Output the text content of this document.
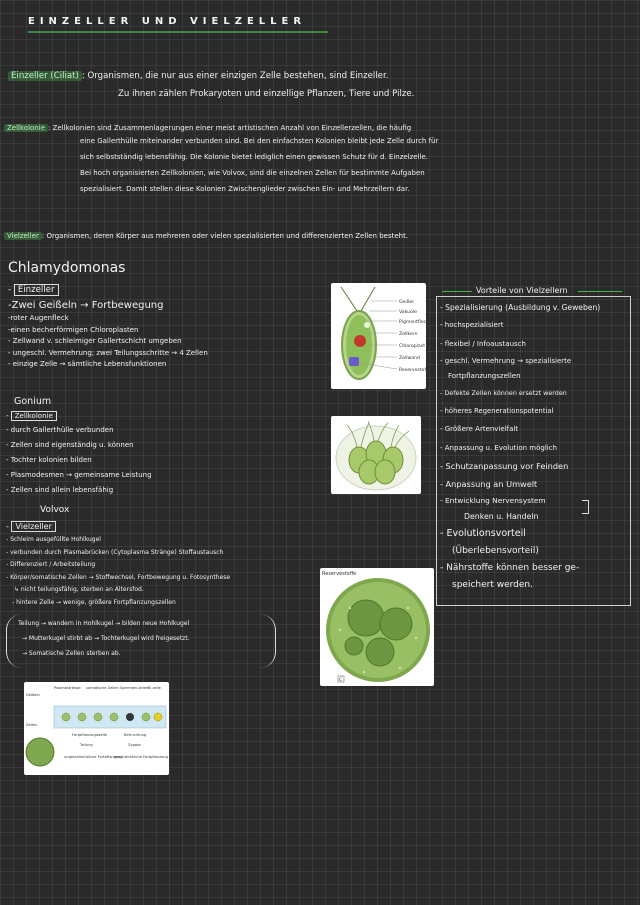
EINZELLER UND VIELZELLER
Einzeller (Ciliat) : Organismen, die nur aus einer einzigen Zelle bestehen, sind Einzeller.
Zu ihnen zählen Prokaryoten und einzellige Pflanzen, Tiere und Pilze.
Zellkolonie : Zellkolonien sind Zusammenlagerungen einer meist artistischen Anzahl von Einzellerzellen, die häufig
eine Gallerthülle miteinander verbunden sind. Bei den einfachsten Kolonien bleibt jede Zelle durch für
sich selbstständig lebensfähig. Die Kolonie bietet lediglich einen gewissen Schutz für d. Einzelzelle.
Bei hoch organisierten Zellkolonien, wie Volvox, sind die einzelnen Zellen für bestimmte Aufgaben
spezialisiert. Damit stellen diese Kolonien Zwischenglieder zwischen Ein- und Mehrzellern dar.
Vielzeller : Organismen, deren Körper aus mehreren oder vielen spezialisierten und differenzierten Zellen besteht.
Chlamydomonas
- Einzeller
-Zwei Geißeln → Fortbewegung
-roter Augenfleck
-einen becherförmigen Chloroplasten
- Zellwand v. schleimiger Gallertschicht umgeben
- ungeschl. Vermehrung; zwei Teilungsschritte → 4 Zellen
- einzige Zelle → sämtliche Lebensfunktionen
Gonium
- Zellkolonie
- durch Gallerthülle verbunden
- Zellen sind eigenständig u. können
- Tochter kolonien bilden
- Plasmodesmen → gemeinsame Leistung
- Zellen sind allein lebensfähig
Volvox
- Vielzeller
- Schleim ausgefüllte Hohlkugel
- verbunden durch Plasmabrücken (Cytoplasma Stränge) Stoffaustausch
- Differenziert / Arbeitsteilung
- Körper/somatische Zellen → Stoffwechsel, Fortbewegung u. Fotosynthese
↳ nicht teilungsfähig, sterben an Altersfod.
- hintere Zelle → wenige, größere Fortpflanzungszellen
Teilung → wandern in Hohlkugel → bilden neue Hohlkugel
→ Mutterkugel stirbt ab → Tochterkugel wird freigesetzt.
→ Somatische Zellen sterben ab.
Geißel
Vakuole
Pigmentfleck
Zellkern
Chloroplast
Zellwand
Reservestoffe
Reservestoffe
C
Geißeln
Zellen
Plasmastränge somatische Zellen Spermien-zellen
Ei-zelle
Fortpflanzungszelle
Teilung
ungeschlechtliche Fortpflanzung
Befruchtung
Zygote
geschlechtliche Fortpflanzung
Vorteile von Vielzellern
- Spezialisierung (Ausbildung v. Geweben)
- hochspezialisiert
- flexibel / Infoaustausch
- geschl. Vermehrung → spezialisierte
Fortpflanzungszellen
- Defekte Zellen können ersetzt werden
- höheres Regenerationspotential
- Größere Artenvielfalt
- Anpassung u. Evolution möglich
- Schutzanpassung vor Feinden
- Anpassung an Umwelt
- Entwicklung Nervensystem
Denken u. Handeln
- Evolutionsvorteil
(Überlebensvorteil)
- Nährstoffe können besser ge-
speichert werden.
